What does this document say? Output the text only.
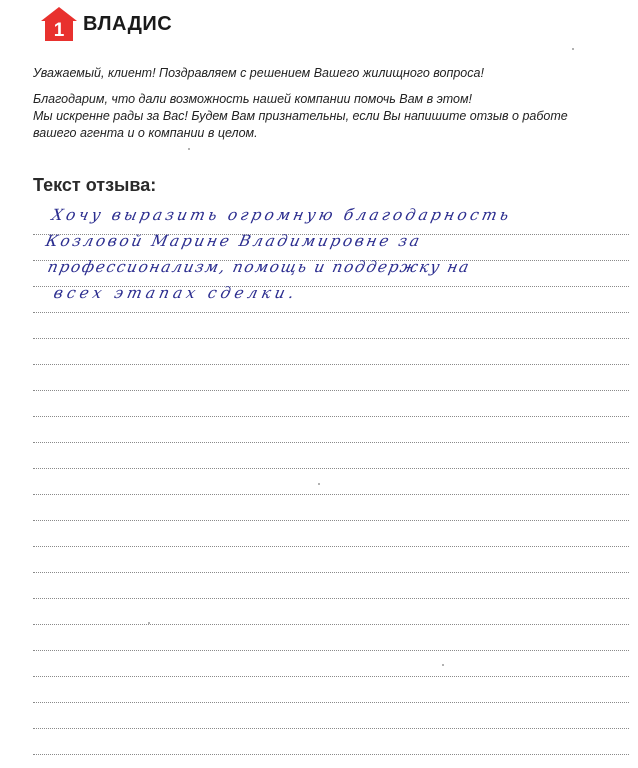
1 ВЛАДИС

Уважаемый, клиент! Поздравляем с решением Вашего жилищного вопроса!

Благодарим, что дали возможность нашей компании помочь Вам в этом!
Мы искренне рады за Вас! Будем Вам признательны, если Вы напишите отзыв о работе
вашего агента и о компании в целом.

Текст отзыва:
Хочу выразить огромную благодарность
Козловой Марине Владимировне за
профессионализм, помощь и поддержку на
всех этапах сделки.
